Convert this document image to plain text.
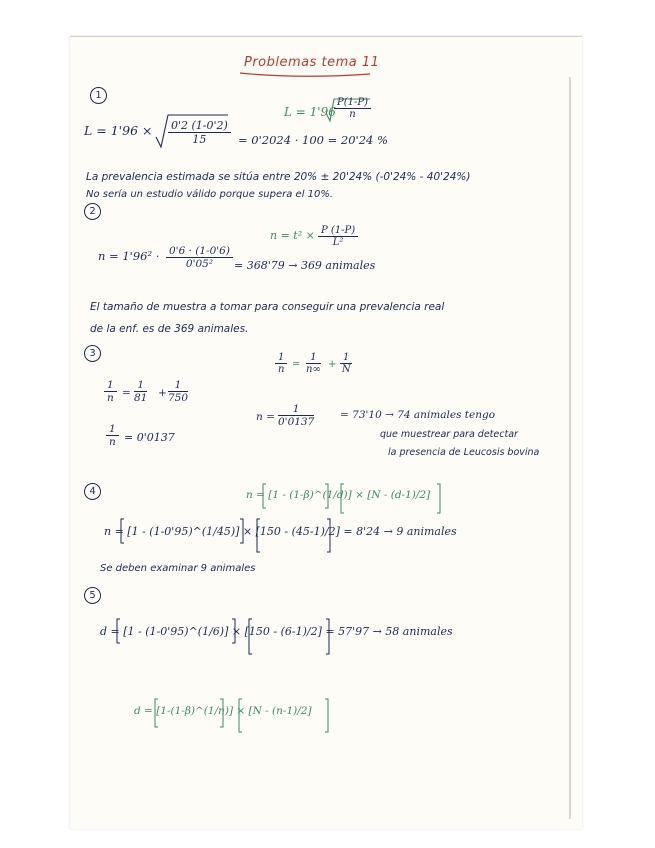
Problemas tema 11
1
L = 1'96
$\frac{P(1-P)}{n}$
$L = 1'96 \times \frac{0'2 (1-0'2)}{15} = 0'2024 \cdot 100 = 20'24$ %
La prevalencia estimada se sitúa entre 20% ± 20'24% (-0'24% - 40'24%)
No sería un estudio válido porque supera el 10%.
2
$n = t^2 \times \frac{P (1-P)}{\text{L²}}$
$n = 1'96^2 \cdot \frac{0'6 \cdot (1-0'6)}{\text{0'05²}} = 368'79 \to 369$ animales
El tamaño de muestra a tomar para conseguir una prevalencia real
de la enf. es de 369 animales.
3	$\frac{1}{n} = \frac{1}{n\infty} + \frac{1}{N}$
$\frac{1}{n} = \frac{1}{81} + \frac{1}{750}$
$\frac{1}{n} = 0'0137$
$n = \frac{1}{0'0137} = 73'10 \to 74$ animales tengo
que muestrear para detectar
la presencia de Leucosis bovina
4	n = [1 - (1-β)^(1/d)] × [N - (d-1)/2]
n = [1 - (1-0'95)^(1/45)] × [150 - (45-1)/2] = 8'24 → 9 animales
Se deben examinar 9 animales
5
d = [1 - (1-0'95)^(1/6)] × [150 - (6-1)/2] = 57'97 → 58 animales
d = [1-(1-β)^(1/n)] × [N - (n-1)/2]
